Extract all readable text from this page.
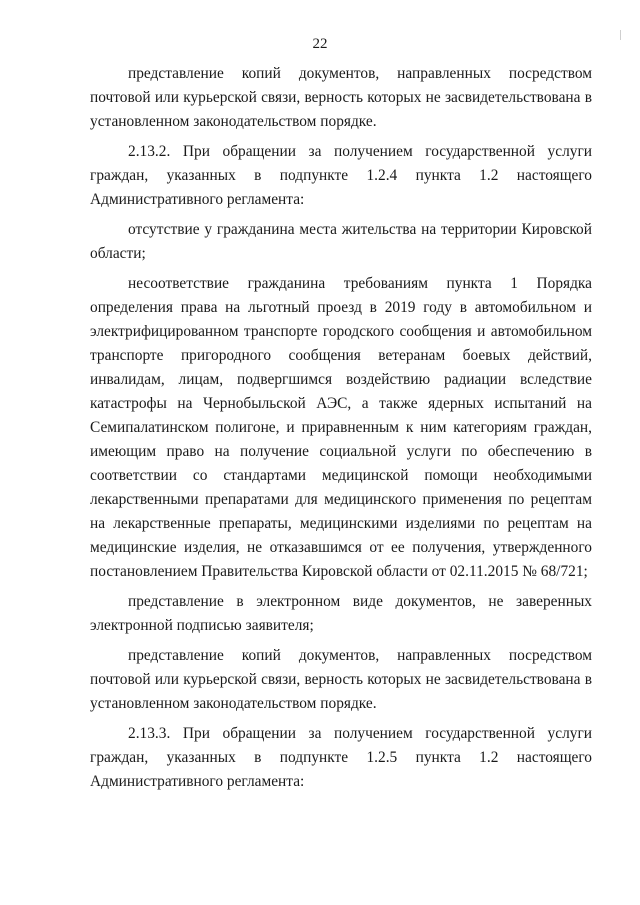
22

представление копий документов, направленных посредством почтовой или курьерской связи, верность которых не засвидетельствована в установленном законодательством порядке.

2.13.2. При обращении за получением государственной услуги граждан, указанных в подпункте 1.2.4 пункта 1.2 настоящего Административного регламента:

отсутствие у гражданина места жительства на территории Кировской области;

несоответствие гражданина требованиям пункта 1 Порядка определения права на льготный проезд в 2019 году в автомобильном и электрифицированном транспорте городского сообщения и автомобильном транспорте пригородного сообщения ветеранам боевых действий, инвалидам, лицам, подвергшимся воздействию радиации вследствие катастрофы на Чернобыльской АЭС, а также ядерных испытаний на Семипалатинском полигоне, и приравненным к ним категориям граждан, имеющим право на получение социальной услуги по обеспечению в соответствии со стандартами медицинской помощи необходимыми лекарственными препаратами для медицинского применения по рецептам на лекарственные препараты, медицинскими изделиями по рецептам на медицинские изделия, не отказавшимся от ее получения, утвержденного постановлением Правительства Кировской области от 02.11.2015 № 68/721;

представление в электронном виде документов, не заверенных электронной подписью заявителя;

представление копий документов, направленных посредством почтовой или курьерской связи, верность которых не засвидетельствована в установленном законодательством порядке.

2.13.3. При обращении за получением государственной услуги граждан, указанных в подпункте 1.2.5 пункта 1.2 настоящего Административного регламента:
